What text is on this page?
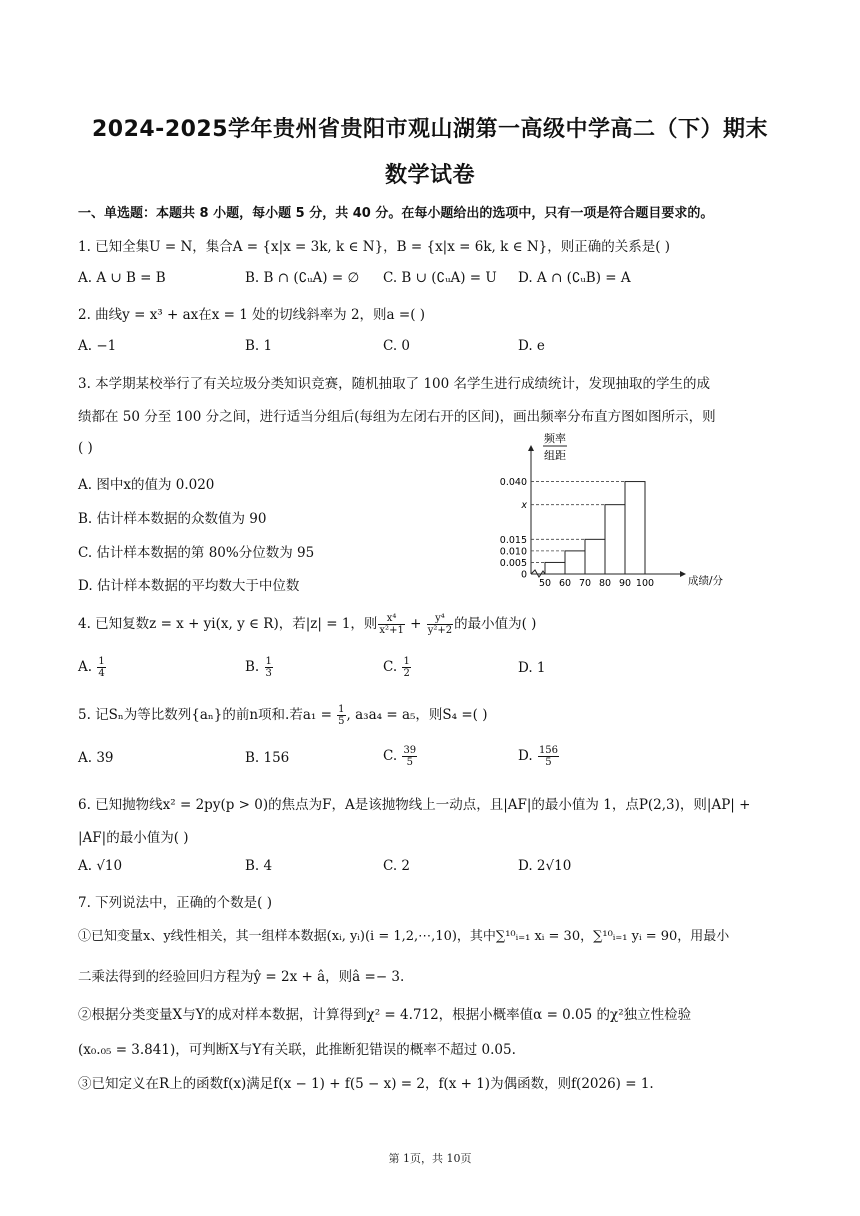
2024-2025学年贵州省贵阳市观山湖第一高级中学高二（下）期末
数学试卷
一、单选题：本题共 8 小题，每小题 5 分，共 40 分。在每小题给出的选项中，只有一项是符合题目要求的。
1. 已知全集U = N，集合A = {x|x = 3k, k ∈ N}，B = {x|x = 6k, k ∈ N}，则正确的关系是( )
A. A ∪ B = B	B. B ∩ (∁ᵤA) = ∅ C. B ∪ (∁ᵤA) = U D. A ∩ (∁ᵤB) = A
2. 曲线y = x³ + ax在x = 1 处的切线斜率为 2，则a =( )
A. −1	B. 1	C. 0	D. e
3. 本学期某校举行了有关垃圾分类知识竞赛，随机抽取了 100 名学生进行成绩统计，发现抽取的学生的成
绩都在 50 分至 100 分之间，进行适当分组后(每组为左闭右开的区间)，画出频率分布直方图如图所示，则
( )
A. 图中x的值为 0.020
B. 估计样本数据的众数值为 90
C. 估计样本数据的第 80%分位数为 95
D. 估计样本数据的平均数大于中位数
0
0.005
0.010
0.015
x
0.040
50 60 70 80 90 100
频率
组距
成绩/分
4. 已知复数z = x + yi(x, y ∈ R)，若|z| = 1，则 $\frac{\text{x⁴}}{\text{x²+1}} + \frac{\text{y⁴}}{\text{y²+2}}$ 的最小值为( )
A. $\frac{1}{4}$	B. $\frac{1}{3}$	C. $\frac{1}{2}$	D. 1
5. 记Sₙ为等比数列{aₙ}的前n项和.若$a_1 = \frac{1}{5}$ , a₃a₄ = a₅，则S₄ =( )
A. 39	B. 156	C. $\frac{39}{5}$	D. $\frac{156}{5}$
6. 已知抛物线x² = 2py(p > 0)的焦点为F，A是该抛物线上一动点，且|AF|的最小值为 1，点P(2,3)，则|AP| +
|AF|的最小值为( )
A. √10	B. 4	C. 2	D. 2√10
7. 下列说法中，正确的个数是( )
①已知变量x、y线性相关，其一组样本数据(xᵢ, yᵢ)(i = 1,2,⋯,10)，其中∑¹⁰ᵢ₌₁ xᵢ = 30，∑¹⁰ᵢ₌₁ yᵢ = 90，用最小
二乘法得到的经验回归方程为ŷ = 2x + â，则â =− 3.
②根据分类变量X与Y的成对样本数据，计算得到χ² = 4.712，根据小概率值α = 0.05 的χ²独立性检验
(x₀.₀₅ = 3.841)，可判断X与Y有关联，此推断犯错误的概率不超过 0.05.
③已知定义在R上的函数f(x)满足f(x − 1) + f(5 − x) = 2，f(x + 1)为偶函数，则f(2026) = 1.
第 1页，共 10页
